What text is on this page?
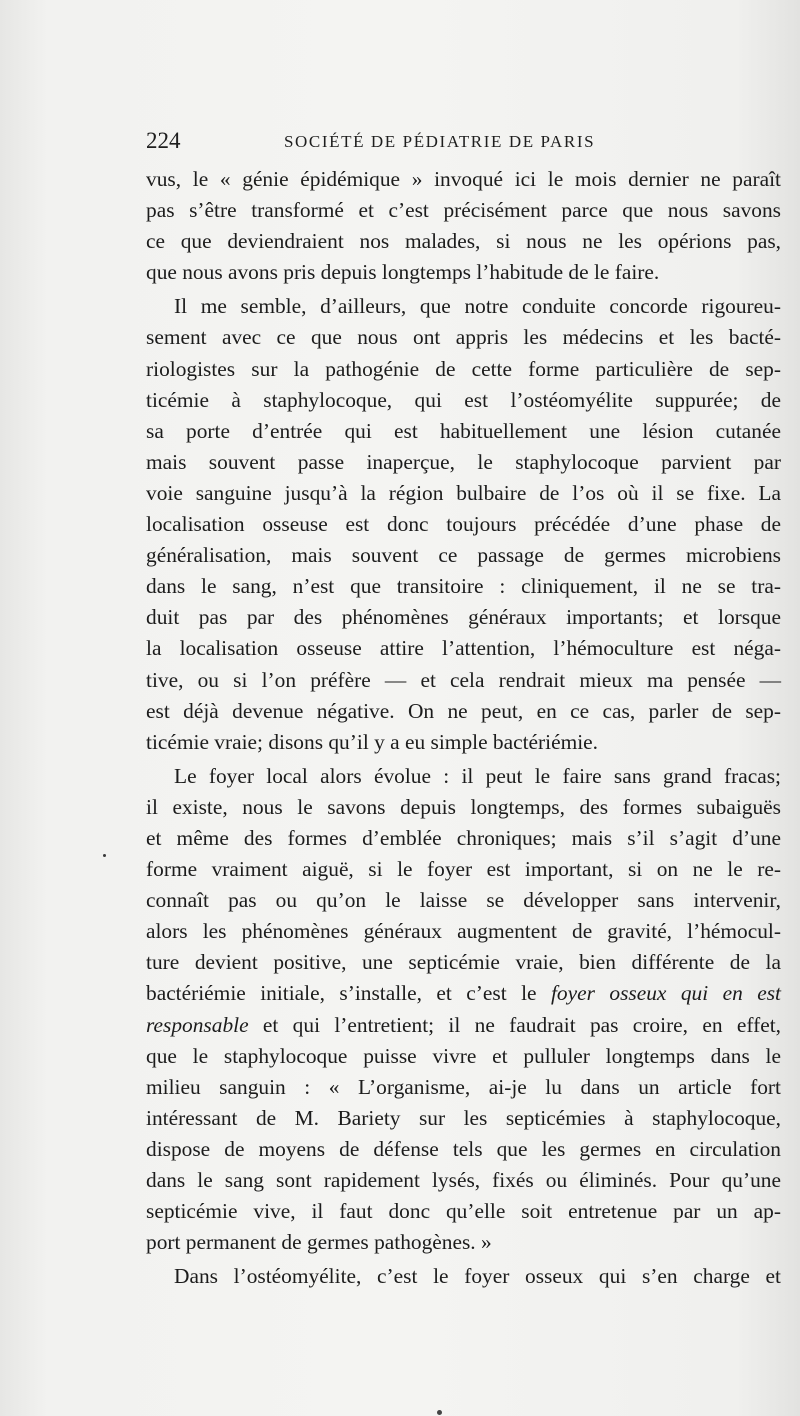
224	SOCIÉTÉ DE PÉDIATRIE DE PARIS
vus, le « génie épidémique » invoqué ici le mois dernier ne paraît
pas s’être transformé et c’est précisément parce que nous savons
ce que deviendraient nos malades, si nous ne les opérions pas,
que nous avons pris depuis longtemps l’habitude de le faire.
Il me semble, d’ailleurs, que notre conduite concorde rigoureu-
sement avec ce que nous ont appris les médecins et les bacté-
riologistes sur la pathogénie de cette forme particulière de sep-
ticémie à staphylocoque, qui est l’ostéomyélite suppurée; de
sa porte d’entrée qui est habituellement une lésion cutanée
mais souvent passe inaperçue, le staphylocoque parvient par
voie sanguine jusqu’à la région bulbaire de l’os où il se fixe. La
localisation osseuse est donc toujours précédée d’une phase de
généralisation, mais souvent ce passage de germes microbiens
dans le sang, n’est que transitoire : cliniquement, il ne se tra-
duit pas par des phénomènes généraux importants; et lorsque
la localisation osseuse attire l’attention, l’hémoculture est néga-
tive, ou si l’on préfère — et cela rendrait mieux ma pensée —
est déjà devenue négative. On ne peut, en ce cas, parler de sep-
ticémie vraie; disons qu’il y a eu simple bactériémie.
Le foyer local alors évolue : il peut le faire sans grand fracas;
il existe, nous le savons depuis longtemps, des formes subaiguës
et même des formes d’emblée chroniques; mais s’il s’agit d’une
forme vraiment aiguë, si le foyer est important, si on ne le re-
connaît pas ou qu’on le laisse se développer sans intervenir,
alors les phénomènes généraux augmentent de gravité, l’hémocul-
ture devient positive, une septicémie vraie, bien différente de la
bactériémie initiale, s’installe, et c’est le foyer osseux qui en est
responsable et qui l’entretient; il ne faudrait pas croire, en effet,
que le staphylocoque puisse vivre et pulluler longtemps dans le
milieu sanguin : « L’organisme, ai-je lu dans un article fort
intéressant de M. Bariety sur les septicémies à staphylocoque,
dispose de moyens de défense tels que les germes en circulation
dans le sang sont rapidement lysés, fixés ou éliminés. Pour qu’une
septicémie vive, il faut donc qu’elle soit entretenue par un ap-
port permanent de germes pathogènes. »
Dans l’ostéomyélite, c’est le foyer osseux qui s’en charge et
